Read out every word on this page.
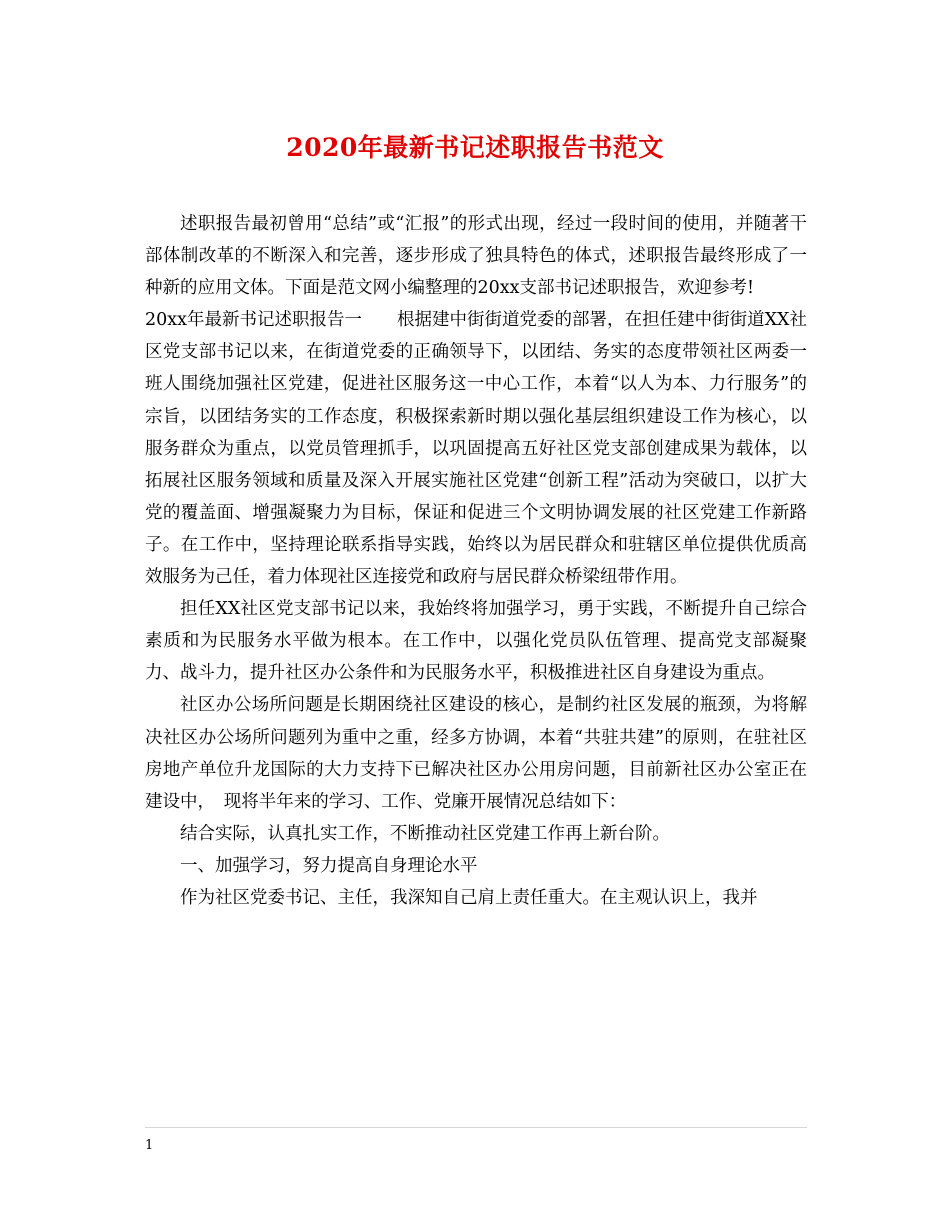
2020年最新书记述职报告书范文

述职报告最初曾用“总结”或“汇报”的形式出现，经过一段时间的使用，并随著干部体制改革的不断深入和完善，逐步形成了独具特色的体式，述职报告最终形成了一种新的应用文体。下面是范文网小编整理的20xx支部书记述职报告，欢迎参考!

20xx年最新书记述职报告一　　根据建中街街道党委的部署，在担任建中街街道XX社区党支部书记以来，在街道党委的正确领导下，以团结、务实的态度带领社区两委一班人围绕加强社区党建，促进社区服务这一中心工作，本着“以人为本、力行服务”的宗旨，以团结务实的工作态度，积极探索新时期以强化基层组织建设工作为核心，以服务群众为重点，以党员管理抓手，以巩固提高五好社区党支部创建成果为载体，以拓展社区服务领域和质量及深入开展实施社区党建“创新工程”活动为突破口，以扩大党的覆盖面、增强凝聚力为目标，保证和促进三个文明协调发展的社区党建工作新路子。在工作中，坚持理论联系指导实践，始终以为居民群众和驻辖区单位提供优质高效服务为己任，着力体现社区连接党和政府与居民群众桥梁纽带作用。

担任XX社区党支部书记以来，我始终将加强学习，勇于实践，不断提升自己综合素质和为民服务水平做为根本。在工作中，以强化党员队伍管理、提高党支部凝聚力、战斗力，提升社区办公条件和为民服务水平，积极推进社区自身建设为重点。

社区办公场所问题是长期困绕社区建设的核心，是制约社区发展的瓶颈，为将解决社区办公场所问题列为重中之重，经多方协调，本着“共驻共建”的原则，在驻社区房地产单位升龙国际的大力支持下已解决社区办公用房问题，目前新社区办公室正在建设中，　现将半年来的学习、工作、党廉开展情况总结如下：

结合实际，认真扎实工作，不断推动社区党建工作再上新台阶。

一、加强学习，努力提高自身理论水平

作为社区党委书记、主任，我深知自己肩上责任重大。在主观认识上，我并

1
